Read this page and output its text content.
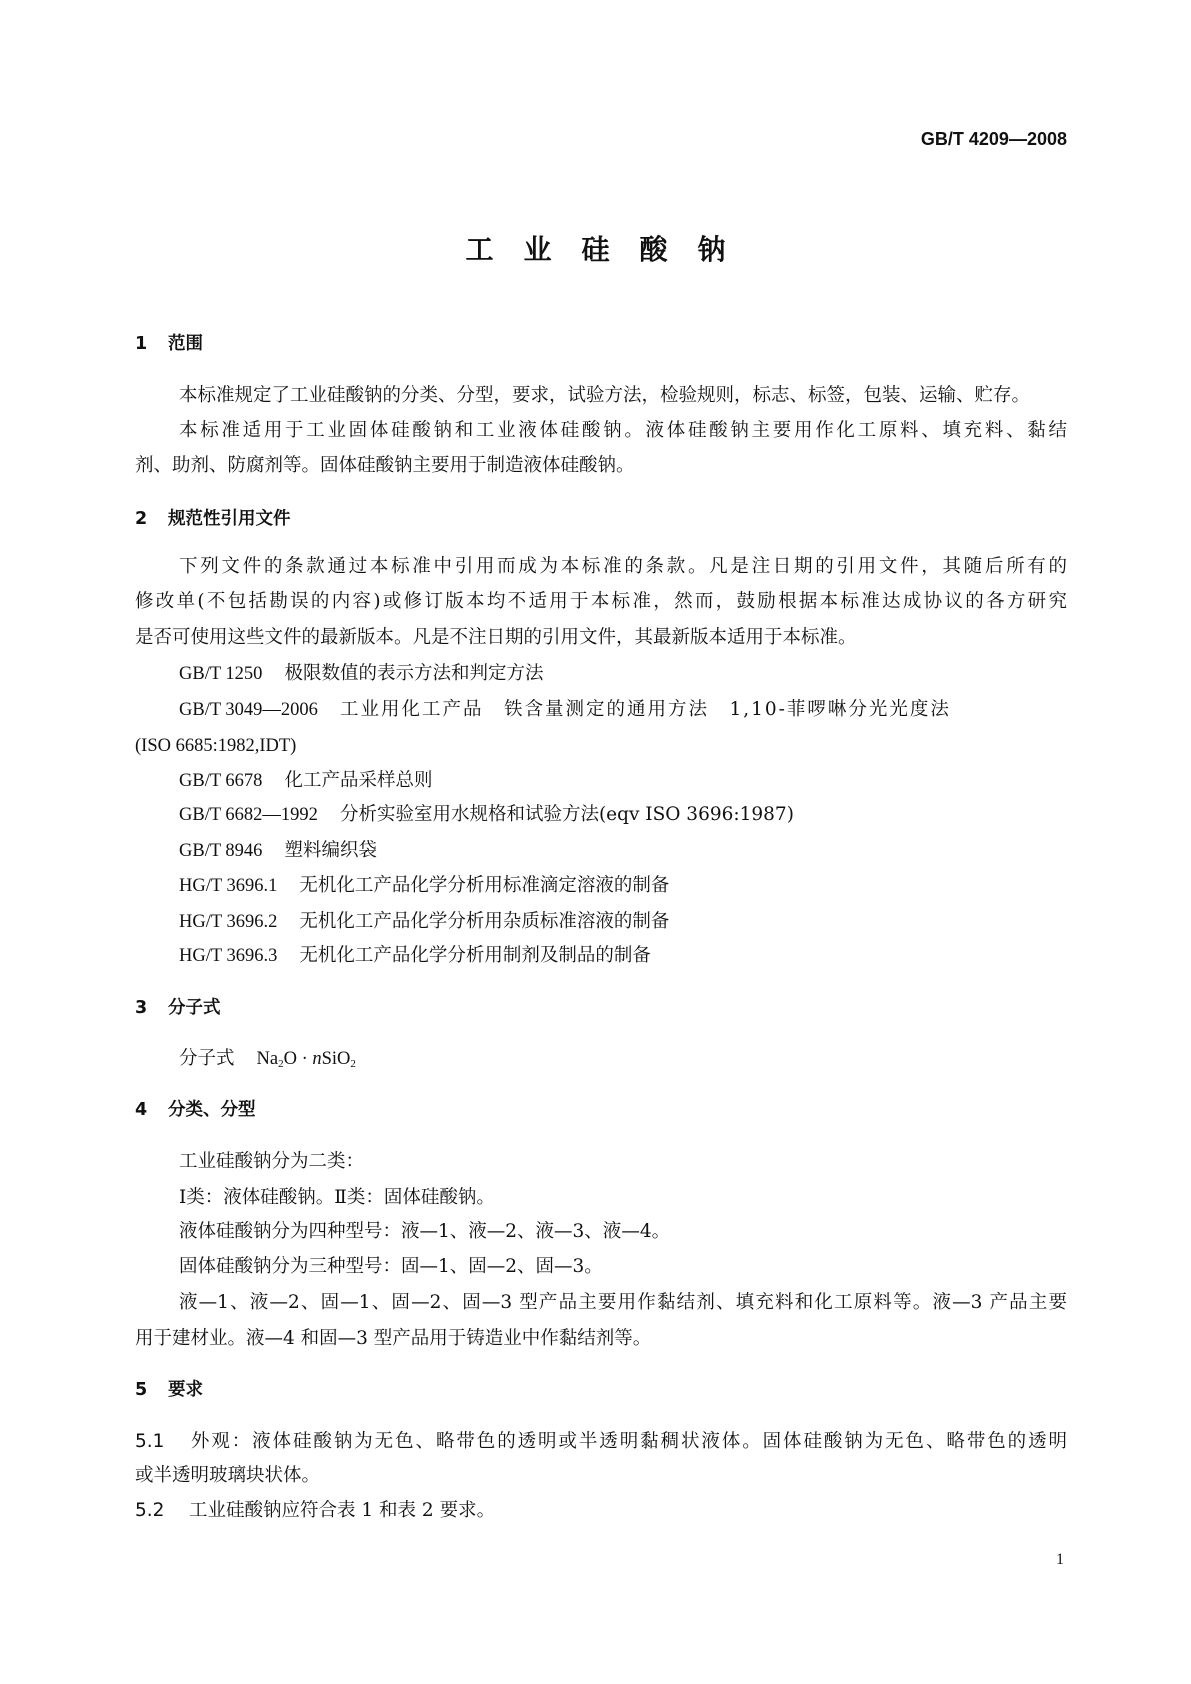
GB/T 4209—2008
工业硅酸钠
1 范围
本标准规定了工业硅酸钠的分类、分型，要求，试验方法，检验规则，标志、标签，包装、运输、贮存。
本标准适用于工业固体硅酸钠和工业液体硅酸钠。液体硅酸钠主要用作化工原料、填充料、黏结
剂、助剂、防腐剂等。固体硅酸钠主要用于制造液体硅酸钠。
2 规范性引用文件
下列文件的条款通过本标准中引用而成为本标准的条款。凡是注日期的引用文件，其随后所有的
修改单(不包括勘误的内容)或修订版本均不适用于本标准，然而，鼓励根据本标准达成协议的各方研究
是否可使用这些文件的最新版本。凡是不注日期的引用文件，其最新版本适用于本标准。
GB/T 1250 极限数值的表示方法和判定方法
GB/T 3049—2006 工业用化工产品　铁含量测定的通用方法　1,10-菲啰啉分光光度法
(ISO 6685:1982,IDT)
GB/T 6678 化工产品采样总则
GB/T 6682—1992 分析实验室用水规格和试验方法(eqv ISO 3696:1987)
GB/T 8946 塑料编织袋
HG/T 3696.1 无机化工产品化学分析用标准滴定溶液的制备
HG/T 3696.2 无机化工产品化学分析用杂质标准溶液的制备
HG/T 3696.3 无机化工产品化学分析用制剂及制品的制备
3 分子式
分子式 $Na_2O$ · nSiO$_2$
4 分类、分型
工业硅酸钠分为二类：
Ⅰ类：液体硅酸钠。Ⅱ类：固体硅酸钠。
液体硅酸钠分为四种型号：液—1、液—2、液—3、液—4。
固体硅酸钠分为三种型号：固—1、固—2、固—3。
液—1、液—2、固—1、固—2、固—3 型产品主要用作黏结剂、填充料和化工原料等。液—3 产品主要
用于建材业。液—4 和固—3 型产品用于铸造业中作黏结剂等。
5 要求
5.1 外观：液体硅酸钠为无色、略带色的透明或半透明黏稠状液体。固体硅酸钠为无色、略带色的透明
或半透明玻璃块状体。
5.2 工业硅酸钠应符合表 1 和表 2 要求。
1
